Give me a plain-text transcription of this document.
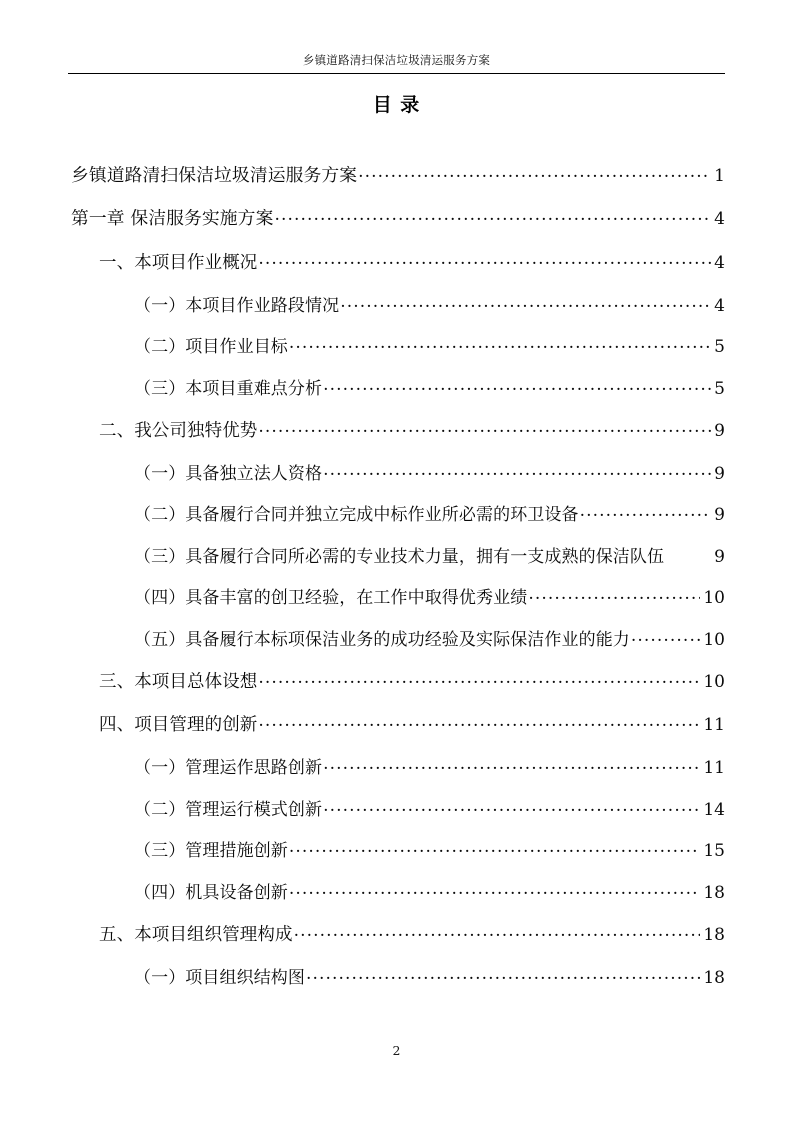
乡镇道路清扫保洁垃圾清运服务方案
目 录
乡镇道路清扫保洁垃圾清运服务方案 .....	1
第一章 保洁服务实施方案 .....	4
一、本项目作业概况 .....	4
（一）本项目作业路段情况 .....	4
（二）项目作业目标 .....	5
（三）本项目重难点分析 .....	5
二、我公司独特优势 .....	9
（一）具备独立法人资格 .....	9
（二）具备履行合同并独立完成中标作业所必需的环卫设备 .....	9
（三）具备履行合同所必需的专业技术力量，拥有一支成熟的保洁队伍	9
（四）具备丰富的创卫经验，在工作中取得优秀业绩 .....	10
（五）具备履行本标项保洁业务的成功经验及实际保洁作业的能力 .....	10
三、本项目总体设想 .....	10
四、项目管理的创新 .....	11
（一）管理运作思路创新 .....	11
（二）管理运行模式创新 .....	14
（三）管理措施创新 .....	15
（四）机具设备创新 .....	18
五、本项目组织管理构成 .....	18
（一）项目组织结构图 .....	18
2
